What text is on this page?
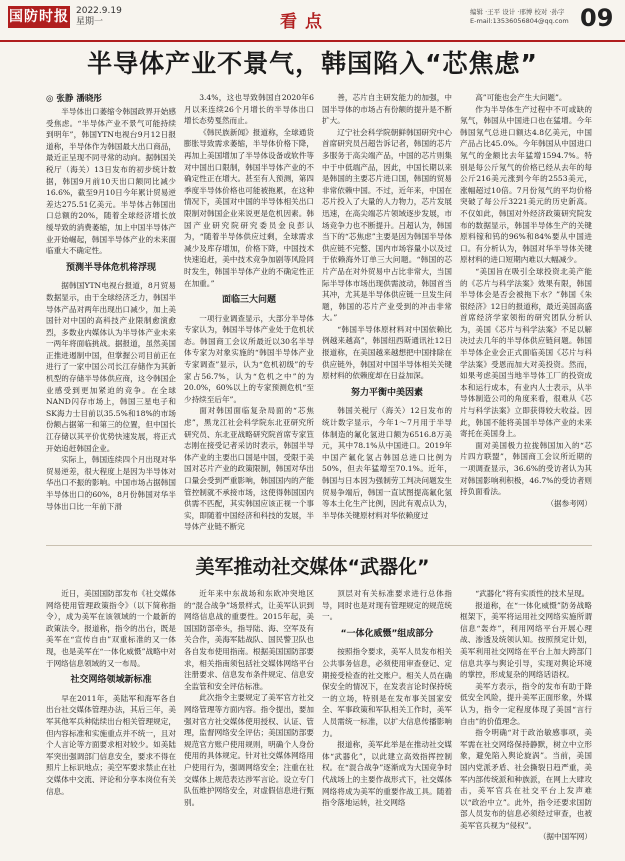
国防时报 2022.9.19
星期一	看点	编辑 ·王平 设计 ·邢博 校对 ·孙宇
E-mail:13536056804@qq.com 09
半导体产业不景气，韩国陷入“芯焦虑”
◎ 张静 潘晓彤

半导体出口萎缩令韩国政界开始感受焦虑。“半导体产业不景气可能持续到明年”，韩国YTN电视台9月12日报道称，半导体作为韩国最大出口商品，最近正呈现不同寻常的动向。据韩国关税厅（海关）13日发布的初步统计数据，韩国9月前10天出口额同比减少16.6%，截至9月10日今年累计贸易逆差达275.51亿美元。半导体占韩国出口总额的20%，随着全球经济增长放缓导致的消费萎缩，加上中国半导体产业开始崛起，韩国半导体产业的未来面临重大不确定性。

预测半导体危机将浮现

据韩国YTN电视台报道，8月贸易数据显示，由于全球经济乏力，韩国半导体产品对两年出现出口减少，加上美国针对中国的高科技产业限制愈演愈烈，多数业内媒体认为半导体产业未来一两年将面临挑战。据报道，虽然美国正推进遏制中国，但掌握公司目前正在进行了一家中国公司长江存储作为其新机型的存储半导体供应商，这令韩国企业感受到更加紧迫的竞争。在全球NAND闪存市场上，韩国三星电子和SK海力士目前以35.5%和18%的市场份额占据第一和第三的位置，但中国长江存储以其平价优势快速发展，将正式开始追赶韩国企业。

实际上，韩国连续四个月出现对华贸易逆差，很大程度上是因为半导体对华出口不振的影响。中国市场占据韩国半导体出口的60%，8月份韩国对华半导体出口比一年前下滑

3.4%，这也导致韩国自2020年6月以来连续26个月增长的半导体出口增长态势戛然而止。

《韩民族新闻》报道称，全球通货膨胀导致需求萎缩，半导体价格下降，再加上美国增加了半导体设备或软件等对中国出口限制，韩国半导体产业的不确定性正在增大。甚至有人预测，第四季度半导体价格也可能被拖累，在这种情况下，美国对中国的半导体相关出口限制对韩国企业来说更是危机因素。韩国产业研究院研究委员金良彭认为，“随着半导体供应过剩，全球需求减少及库存增加，价格下降，中国技术快速追赶，美中技术竞争加剧等风险同时发生，韩国半导体产业的不确定性正在加重。”

面临三大问题

一项行业调查显示，大部分半导体专家认为，韩国半导体产业处于危机状态。韩国商工会议所最近以30名半导体专家为对象实施的“韩国半导体产业专家调查”显示，认为“危机初级”的专家占56.7%，认为“危机之中”的为20.0%，60%以上的专家预测危机“至少持续至后年”。

面对韩国面临复杂局面的“芯焦虑”，黑龙江社会科学院东北亚研究所研究员、东北亚战略研究院首席专家笪志刚在接受记者采访时表示，韩国半导体产业的主要出口国是中国，受限于美国对芯片产业的政策限制，韩国对华出口量会受到严重影响，韩国国内的产能管控制就不承接市场，这使得韩国国内供需不匹配，其实韩国应该正视一个事实，即随着中国经济和科技的发展，半导体产业链不断完

善，芯片自主研发能力的加强，中国半导体的市场占有份额的提升是不断扩大。

辽宁社会科学院朝鲜韩国研究中心首席研究员吕超告诉记者，韩国的芯片多服务于高尖端产品，中国的芯片则集中于中低端产品，因此，中国长期以来是韩国的主要芯片进口国，韩国的贸易非常依赖中国。不过，近年来，中国在芯片投入了大量的人力物力，芯片发展迅速，在高尖端芯片领域逐步发展，市场竞争力也不断提升。吕超认为，韩国当下的“芯焦虑”主要是因为韩国半导体供应链不完整、国内市场容量小以及过于依赖海外订单三大问题。“韩国的芯片产品在对外贸易中占比非常大，当国际半导体市场出现供需波动，韩国首当其冲，尤其是半导体供应链一旦发生问题，韩国的芯片产业受到的冲击非常大。”

“韩国半导体原材料对中国依赖比例越来越高”，韩国纽西斯通讯社12日报道称，在美国越来越想把中国排除在供应链外，韩国对中国半导体相关关键原材料的依赖度却在日益加深。

努力平衡中美因素

韩国关税厅（海关）12日发布的统计数字显示，今年1～7月用于半导体制造的氟化氢进口额为6516.8万美元，其中78.1%从中国进口。2019年中国产氟化氢占韩国总进口比例为50%，但去年猛增至70.1%。近年，韩国与日本因为强制劳工判决问题发生贸易争端后，韩国一直试图提高氟化氢等本土化生产比例，因此有观点认为，半导体关键原材料对华依赖度过

高”可能也会产生大问题”。

作为半导体生产过程中不可或缺的氖气，韩国从中国进口也在猛增。今年韩国氖气总进口额达4.8亿美元，中国产品占比45.0%。今年韩国从中国进口氖气的金额比去年猛增1594.7%。特别是每公斤氖气的价格已经从去年的每公斤216美元涨到今年的2553美元，涨幅超过10倍。7月份氖气的平均价格突破了每公斤3221美元的历史新高。不仅如此，韩国对外经济政策研究院发布的数据显示，韩国半导体生产的关键原料镓和钨的96%和84%要从中国进口。有分析认为，韩国对华半导体关键原材料的进口短期内难以大幅减少。

“美国旨在吸引全球投资北美产能的《芯片与科学法案》效果有限，韩国半导体会是否会被拖下水？”韩国《朱银经济》12日的报道称，最近美国高盛首席经济学家领衔的研究团队分析认为，美国《芯片与科学法案》不足以解决过去几年的半导体供应链问题。韩国半导体企业会正式面临美国《芯片与科学法案》受恩而加大对美投资。然而，如果考虑美国当地半导体工厂的投资成本和运行成本，有业内人士表示，从半导体制造公司的角度来看，很难从《芯片与科学法案》立即获得较大收益。因此，韩国不能将美国半导体产业的未来寄托在美国身上。

面对美国极力拉拢韩国加入的“芯片四方联盟”，韩国商工会议所近期的一项调查显示，36.6%的受访者认为其对韩国影响利积极，46.7%的受访者则持负面看法。

（据参考网）

美军推动社交媒体“武器化”

近日，美国国防部发布《社交媒体网络使用管理政策指令》（以下简称指令），成为美军在该领域的一个最新的政策法令。报道称，指令的出台，既是美军在“宣传自由”双重标准的又一体现，也是美军在“一体化威慑”战略中对于网络信息领域的又一布局。

社交网络领域新标准

早在2011年，美陆军和海军各自出台社交媒体管理办法，其后三年，美军其他军兵种陆续出台相关管理规定，但内容标准和实施重点并不统一，且对个人言论等方面要求相对较少。如美陆军突出强调部门信息安全，要求不得在照片上标识地点；美空军要求禁止在社交媒体中交流、评论和分享本岗位有关信息。

近年来中东战场和东欧冲突地区的“混合战争”场景样式，让美军认识到网络信息战的重要性。2015年起，美国国防部牵头，指导陆、海、空军及有关合作，美海军陆战队、国民警卫队也各自发布使用指南。根据美国国防部要求，相关指南须包括社交媒体网络平台注册要求、信息发布条件规定、信息安全监管和安全评估标准。

此次指令主要规定了美军官方社交网络管理等方面内容。指令提出，要加强对官方社交媒体使用授权、认证、管理，监督网络安全评估；美国国防部要规范官方账户使用规则，明确个人身份使用的具体规定。针对社交媒体网络用户使用行为，强调网络安全；注重在社交媒体上规范表达涉军言论。设立专门队伍维护网络安全，对虚假信息进行甄别。

顶层对有关标准要求进行总体指导，同时也是对现有管理规定的规范统一。

“一体化威慑”组成部分

按照指令要求，美军人员发布相关公共事务信息，必须使用审查登记、定期接受检查的社交账户。相关人员在确保安全的情况下，在发表言论时保持统一的立场，特别是在发布事关国家安全、军事政策和军队相关工作时，美军人员需统一标准，以扩大信息传播影响力。

报道称，美军此举是在推动社交媒体“武器化”，以此建立高效指挥控制权。在“混合战争”逐渐成为大国竞争时代战场上的主要作战形式下，社交媒体网络将成为美军的重要作战工具。随着指令落地运转，社交网络

“武器化”将有实质性的技术呈现。

报道称，在“一体化威慑”防务战略框架下，美军将运用社交网络实施所谓信息“轰炸”，利用网络平台开展心理战、渗透及统领认知。按照预定计划，美军利用社交网络在平台上加大跨部门信息共享与舆论引导，实现对舆论环境的掌控，形成复杂的网络话语权。

美军方表示，指令的发布有助于降低安全风险，提升美军正面形象，外媒认为，指令一定程度体现了美国“言行自由”的价值理念。

指令明确“对于政治敏感事项，美军需在社交网络保持静默，树立中立形象，避免陷入舆论旋涡”。当前，美国国内党派矛盾、社会撕裂日趋严重，美军内部传统派和种族派，在网上大肆攻击，美军官兵在社交平台上发声难以“政治中立”。此外，指令还要求国防部人员发布的信息必须经过审查，也被美军官兵视为“侵权”。

（据中国军网）
